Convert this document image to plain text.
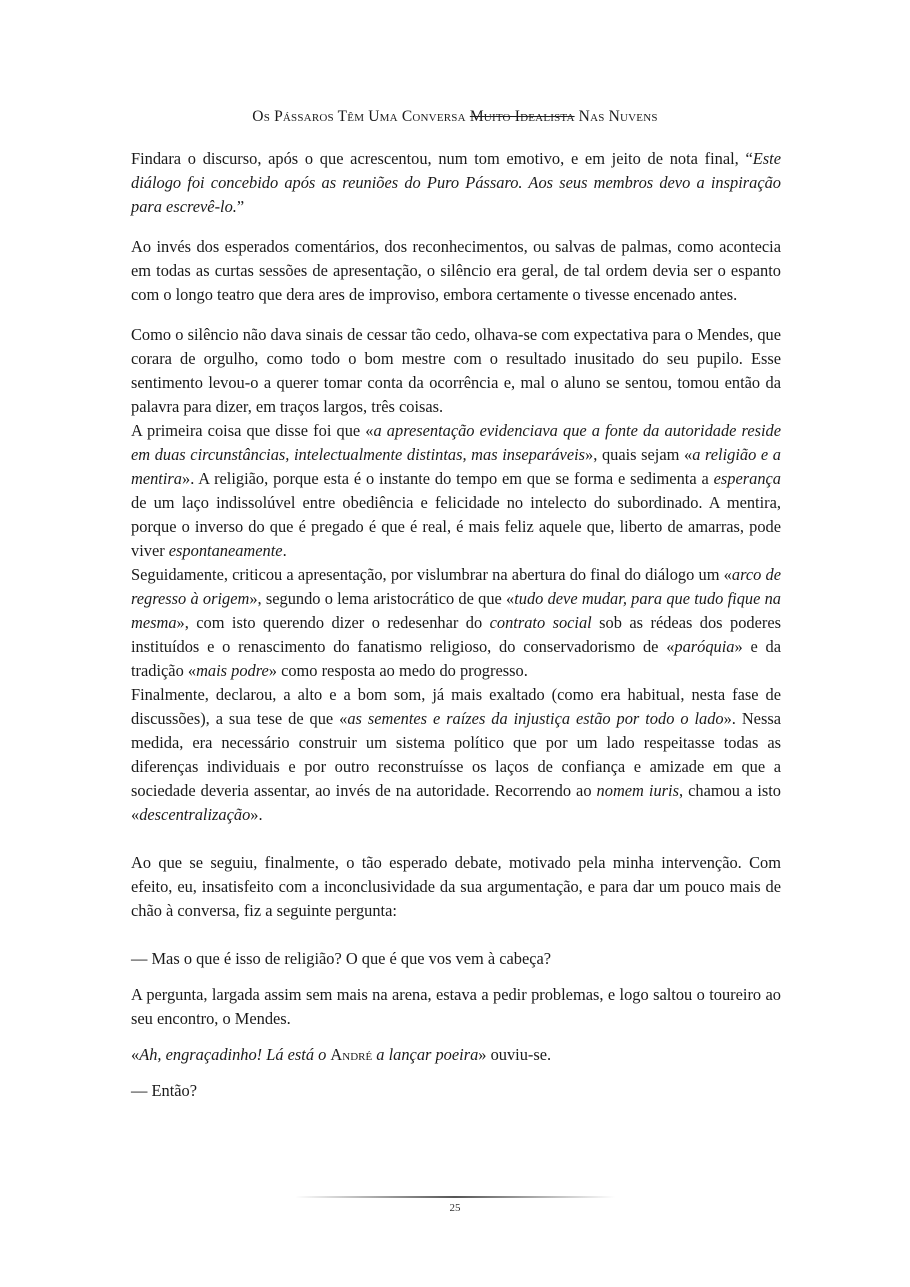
Os Pássaros Têm Uma Conversa Muito Idealista Nas Nuvens

Findara o discurso, após o que acrescentou, num tom emotivo, e em jeito de nota final, “Este diálogo foi concebido após as reuniões do Puro Pássaro. Aos seus membros devo a inspiração para escrevê-lo.”

Ao invés dos esperados comentários, dos reconhecimentos, ou salvas de palmas, como acontecia em todas as curtas sessões de apresentação, o silêncio era geral, de tal ordem devia ser o espanto com o longo teatro que dera ares de improviso, embora certamente o tivesse encenado antes.

Como o silêncio não dava sinais de cessar tão cedo, olhava-se com expectativa para o Mendes, que corara de orgulho, como todo o bom mestre com o resultado inusitado do seu pupilo. Esse sentimento levou-o a querer tomar conta da ocorrência e, mal o aluno se sentou, tomou então da palavra para dizer, em traços largos, três coisas.

A primeira coisa que disse foi que «a apresentação evidenciava que a fonte da autoridade reside em duas circunstâncias, intelectualmente distintas, mas inseparáveis», quais sejam «a religião e a mentira». A religião, porque esta é o instante do tempo em que se forma e sedimenta a esperança de um laço indissolúvel entre obediência e felicidade no intelecto do subordinado. A mentira, porque o inverso do que é pregado é que é real, é mais feliz aquele que, liberto de amarras, pode viver espontaneamente.

Seguidamente, criticou a apresentação, por vislumbrar na abertura do final do diálogo um «arco de regresso à origem», segundo o lema aristocrático de que «tudo deve mudar, para que tudo fique na mesma», com isto querendo dizer o redesenhar do contrato social sob as rédeas dos poderes instituídos e o renascimento do fanatismo religioso, do conservadorismo de «paróquia» e da tradição «mais podre» como resposta ao medo do progresso.

Finalmente, declarou, a alto e a bom som, já mais exaltado (como era habitual, nesta fase de discussões), a sua tese de que «as sementes e raízes da injustiça estão por todo o lado». Nessa medida, era necessário construir um sistema político que por um lado respeitasse todas as diferenças individuais e por outro reconstruísse os laços de confiança e amizade em que a sociedade deveria assentar, ao invés de na autoridade. Recorrendo ao nomem iuris, chamou a isto «descentralização».

Ao que se seguiu, finalmente, o tão esperado debate, motivado pela minha intervenção. Com efeito, eu, insatisfeito com a inconclusividade da sua argumentação, e para dar um pouco mais de chão à conversa, fiz a seguinte pergunta:

— Mas o que é isso de religião? O que é que vos vem à cabeça?

A pergunta, largada assim sem mais na arena, estava a pedir problemas, e logo saltou o toureiro ao seu encontro, o Mendes.

«Ah, engraçadinho! Lá está o André a lançar poeira» ouviu-se.

— Então?

25
